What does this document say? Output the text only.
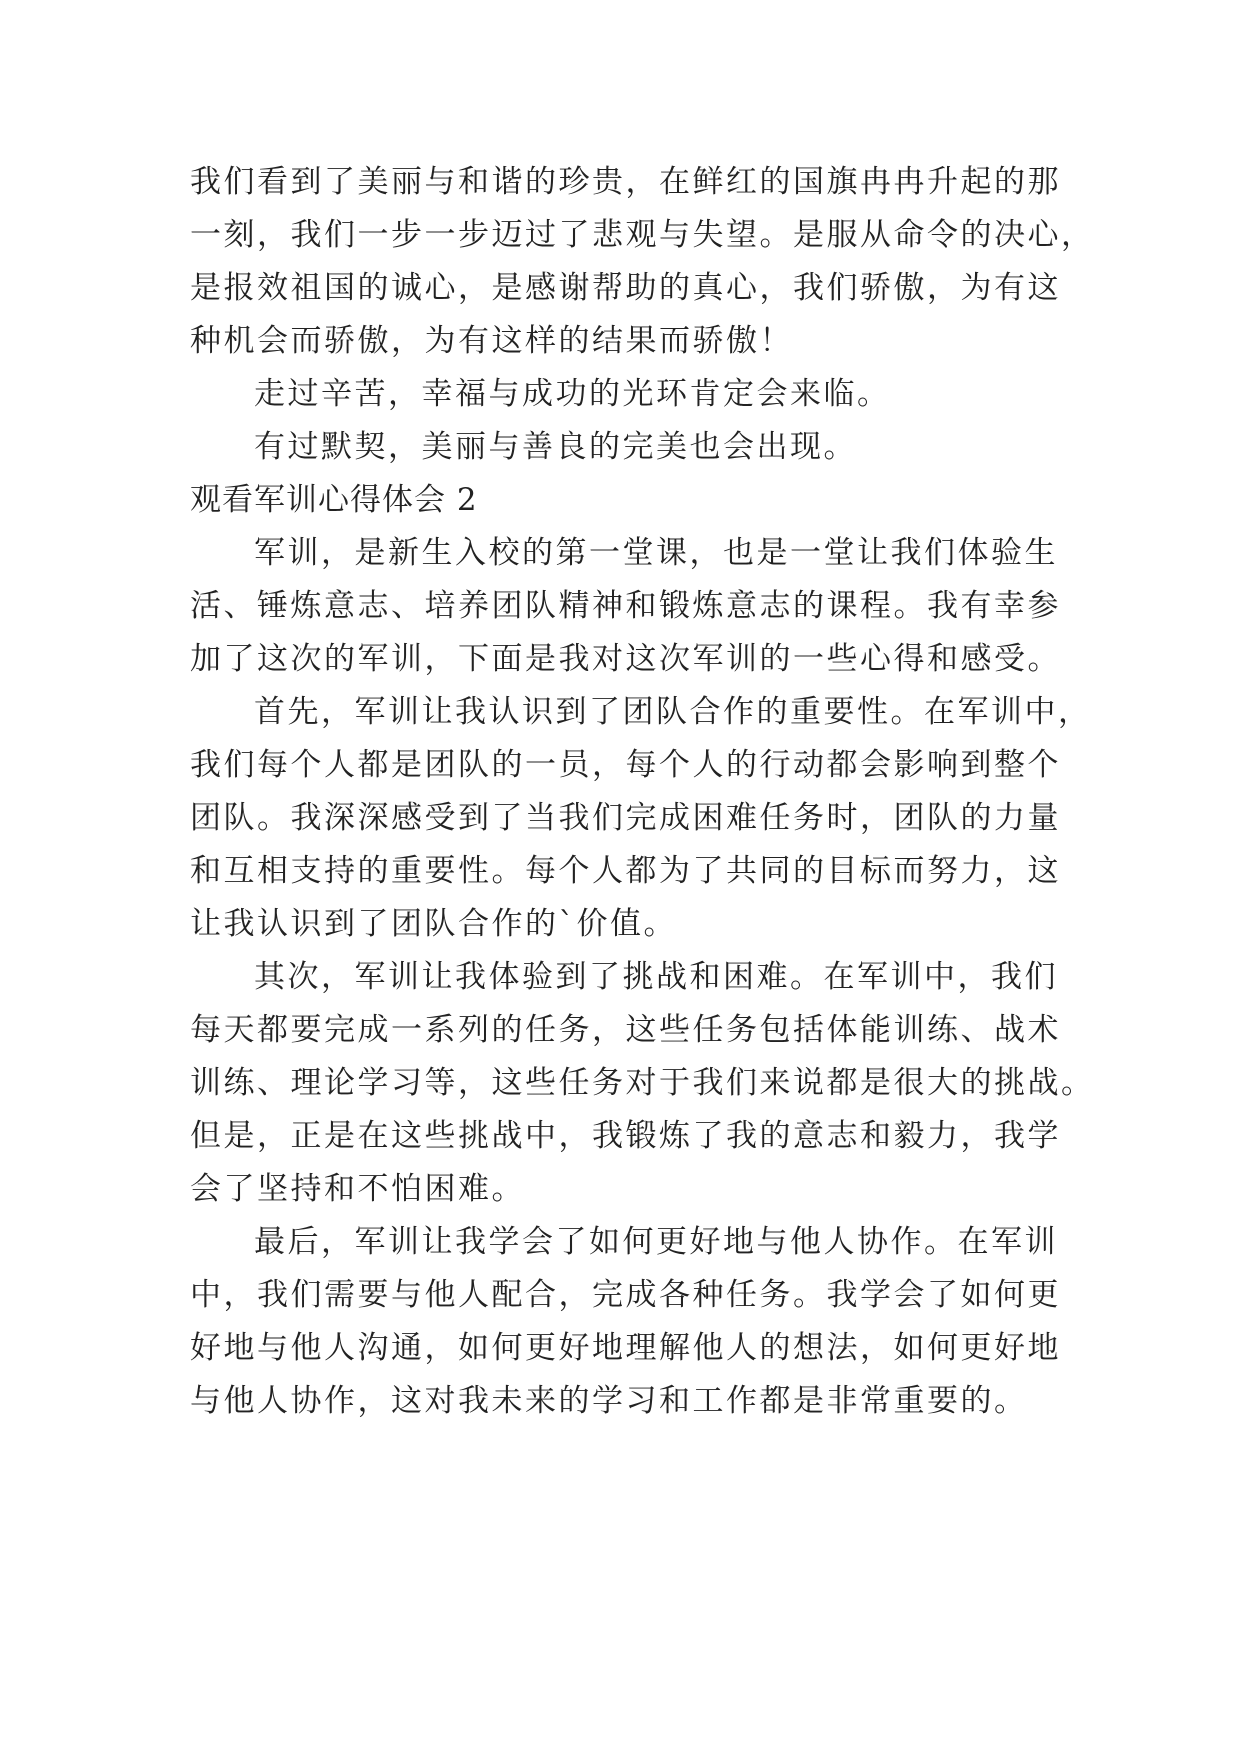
我们看到了美丽与和谐的珍贵，在鲜红的国旗冉冉升起的那
一刻，我们一步一步迈过了悲观与失望。是服从命令的决心，
是报效祖国的诚心，是感谢帮助的真心，我们骄傲，为有这
种机会而骄傲，为有这样的结果而骄傲！
走过辛苦，幸福与成功的光环肯定会来临。
有过默契，美丽与善良的完美也会出现。
观看军训心得体会 2
军训，是新生入校的第一堂课，也是一堂让我们体验生
活、锤炼意志、培养团队精神和锻炼意志的课程。我有幸参
加了这次的军训，下面是我对这次军训的一些心得和感受。
首先，军训让我认识到了团队合作的重要性。在军训中，
我们每个人都是团队的一员，每个人的行动都会影响到整个
团队。我深深感受到了当我们完成困难任务时，团队的力量
和互相支持的重要性。每个人都为了共同的目标而努力，这
让我认识到了团队合作的`价值。
其次，军训让我体验到了挑战和困难。在军训中，我们
每天都要完成一系列的任务，这些任务包括体能训练、战术
训练、理论学习等，这些任务对于我们来说都是很大的挑战。
但是，正是在这些挑战中，我锻炼了我的意志和毅力，我学
会了坚持和不怕困难。
最后，军训让我学会了如何更好地与他人协作。在军训
中，我们需要与他人配合，完成各种任务。我学会了如何更
好地与他人沟通，如何更好地理解他人的想法，如何更好地
与他人协作，这对我未来的学习和工作都是非常重要的。
